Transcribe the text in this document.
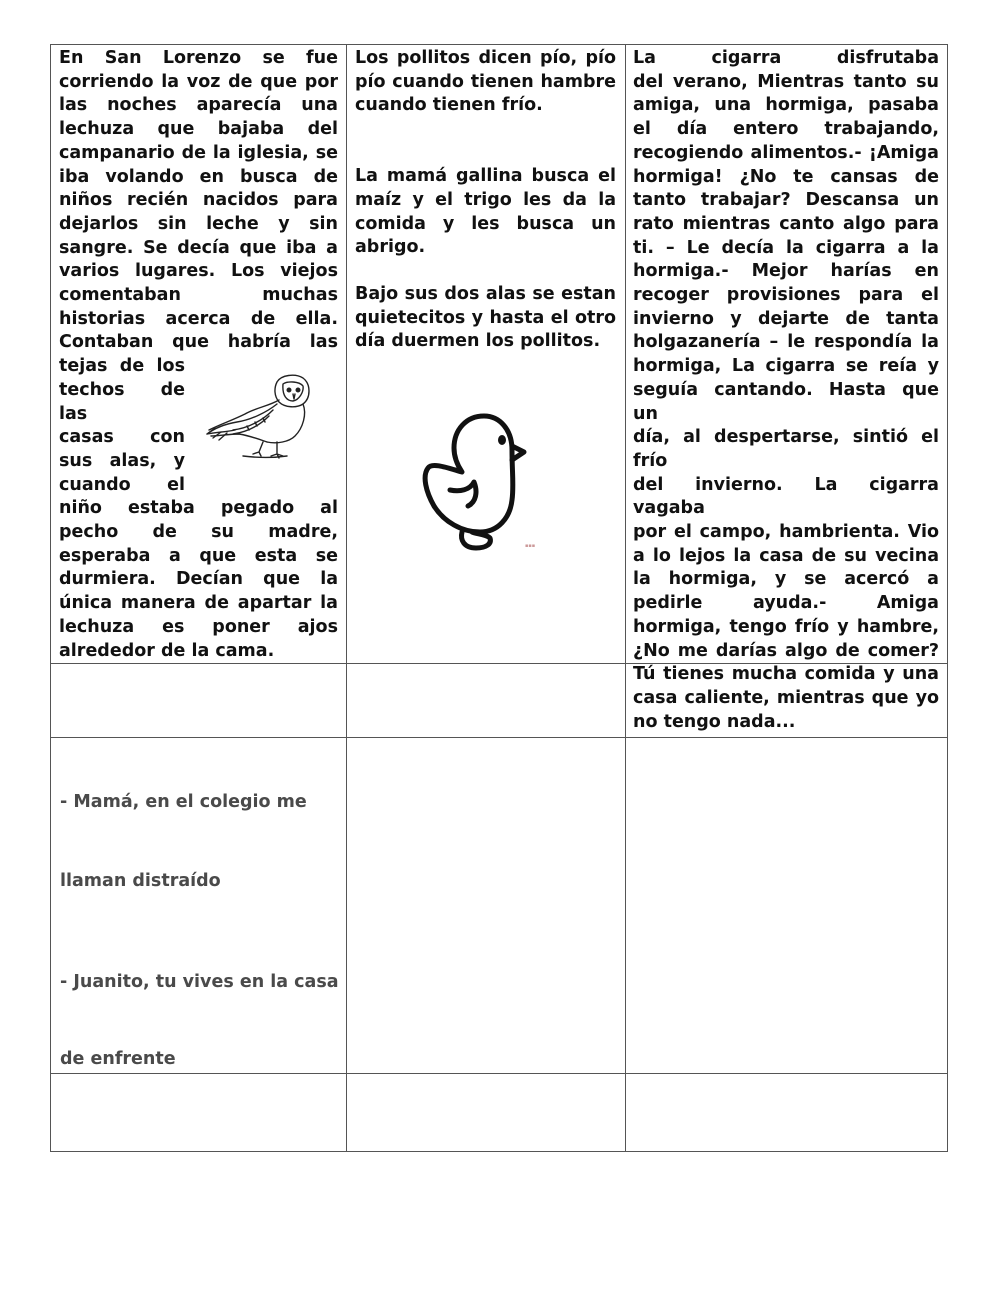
En San Lorenzo se fue
corriendo la voz de que por
las noches aparecía una
lechuza que bajaba del
campanario de la iglesia, se
iba volando en busca de
niños recién nacidos para
dejarlos sin leche y sin
sangre. Se decía que iba a
varios lugares. Los viejos
comentaban muchas
historias acerca de ella.
Contaban que habría las
tejas de los
techos de las
casas con
sus alas, y
cuando el
niño estaba pegado al
pecho de su madre,
esperaba a que esta se
durmiera. Decían que la
única manera de apartar la
lechuza es poner ajos
alrededor de la cama.
Los pollitos dicen pío, pío
pío cuando tienen hambre
cuando tienen frío.
La mamá gallina busca el
maíz y el trigo les da la
comida y les busca un
abrigo.
Bajo sus dos alas se estan
quietecitos y hasta el otro
día duermen los pollitos.
▪▪▪
La cigarra disfrutaba
del verano, Mientras tanto su
amiga, una hormiga, pasaba
el día entero trabajando,
recogiendo alimentos.- ¡Amiga
hormiga! ¿No te cansas de
tanto trabajar? Descansa un
rato mientras canto algo para
ti. – Le decía la cigarra a la
hormiga.- Mejor harías en
recoger provisiones para el
invierno y dejarte de tanta
holgazanería – le respondía la
hormiga, La cigarra se reía y
seguía cantando. Hasta que un
día, al despertarse, sintió el frío
del invierno. La cigarra vagaba
por el campo, hambrienta. Vio
a lo lejos la casa de su vecina
la hormiga, y se acercó a
pedirle ayuda.- Amiga
hormiga, tengo frío y hambre,
¿No me darías algo de comer?
Tú tienes mucha comida y una
casa caliente, mientras que yo
no tengo nada...
- Mamá, en el colegio me
llaman distraído
- Juanito, tu vives en la casa
de enfrente
